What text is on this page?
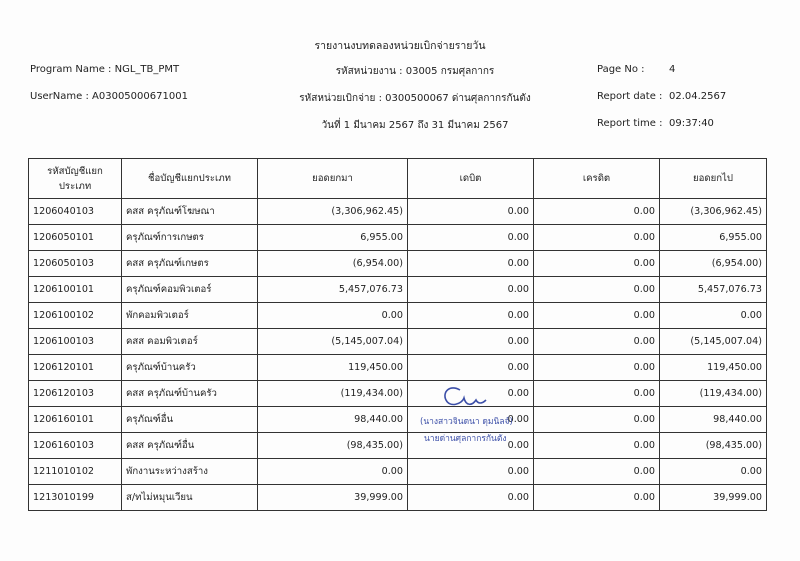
รายงานงบทดลองหน่วยเบิกจ่ายรายวัน
Program Name : NGL_TB_PMT	รหัสหน่วยงาน : 03005 กรมศุลกากร	Page No : 4
UserName : A03005000671001	รหัสหน่วยเบิกจ่าย : 0300500067 ด่านศุลกากรกันตัง	Report date : 02.04.2567
วันที่ 1 มีนาคม 2567 ถึง 31 มีนาคม 2567	Report time : 09:37:40
รหัสบัญชีแยกประเภท	ชื่อบัญชีแยกประเภท	ยอดยกมา	เดบิต	เครดิต	ยอดยกไป
1206040103	คสส ครุภัณฑ์โฆษณา	(3,306,962.45)	0.00	0.00	(3,306,962.45)
1206050101	ครุภัณฑ์การเกษตร	6,955.00	0.00	0.00	6,955.00
1206050103	คสส ครุภัณฑ์เกษตร	(6,954.00)	0.00	0.00	(6,954.00)
1206100101	ครุภัณฑ์คอมพิวเตอร์	5,457,076.73	0.00	0.00	5,457,076.73
1206100102	พักคอมพิวเตอร์	0.00	0.00	0.00	0.00
1206100103	คสส คอมพิวเตอร์	(5,145,007.04)	0.00	0.00	(5,145,007.04)
1206120101	ครุภัณฑ์บ้านครัว	119,450.00	0.00	0.00	119,450.00
1206120103	คสส ครุภัณฑ์บ้านครัว	(119,434.00)	0.00	0.00	(119,434.00)
1206160101	ครุภัณฑ์อื่น	98,440.00	0.00	0.00	98,440.00
1206160103	คสส ครุภัณฑ์อื่น	(98,435.00)	0.00	0.00	(98,435.00)
1211010102	พักงานระหว่างสร้าง	0.00	0.00	0.00	0.00
1213010199	ส/ทไม่หมุนเวียน	39,999.00	0.00	0.00	39,999.00
(นางสาวจินดนา ดุมนิลจ์)
นายด่านศุลกากรกันตัง
